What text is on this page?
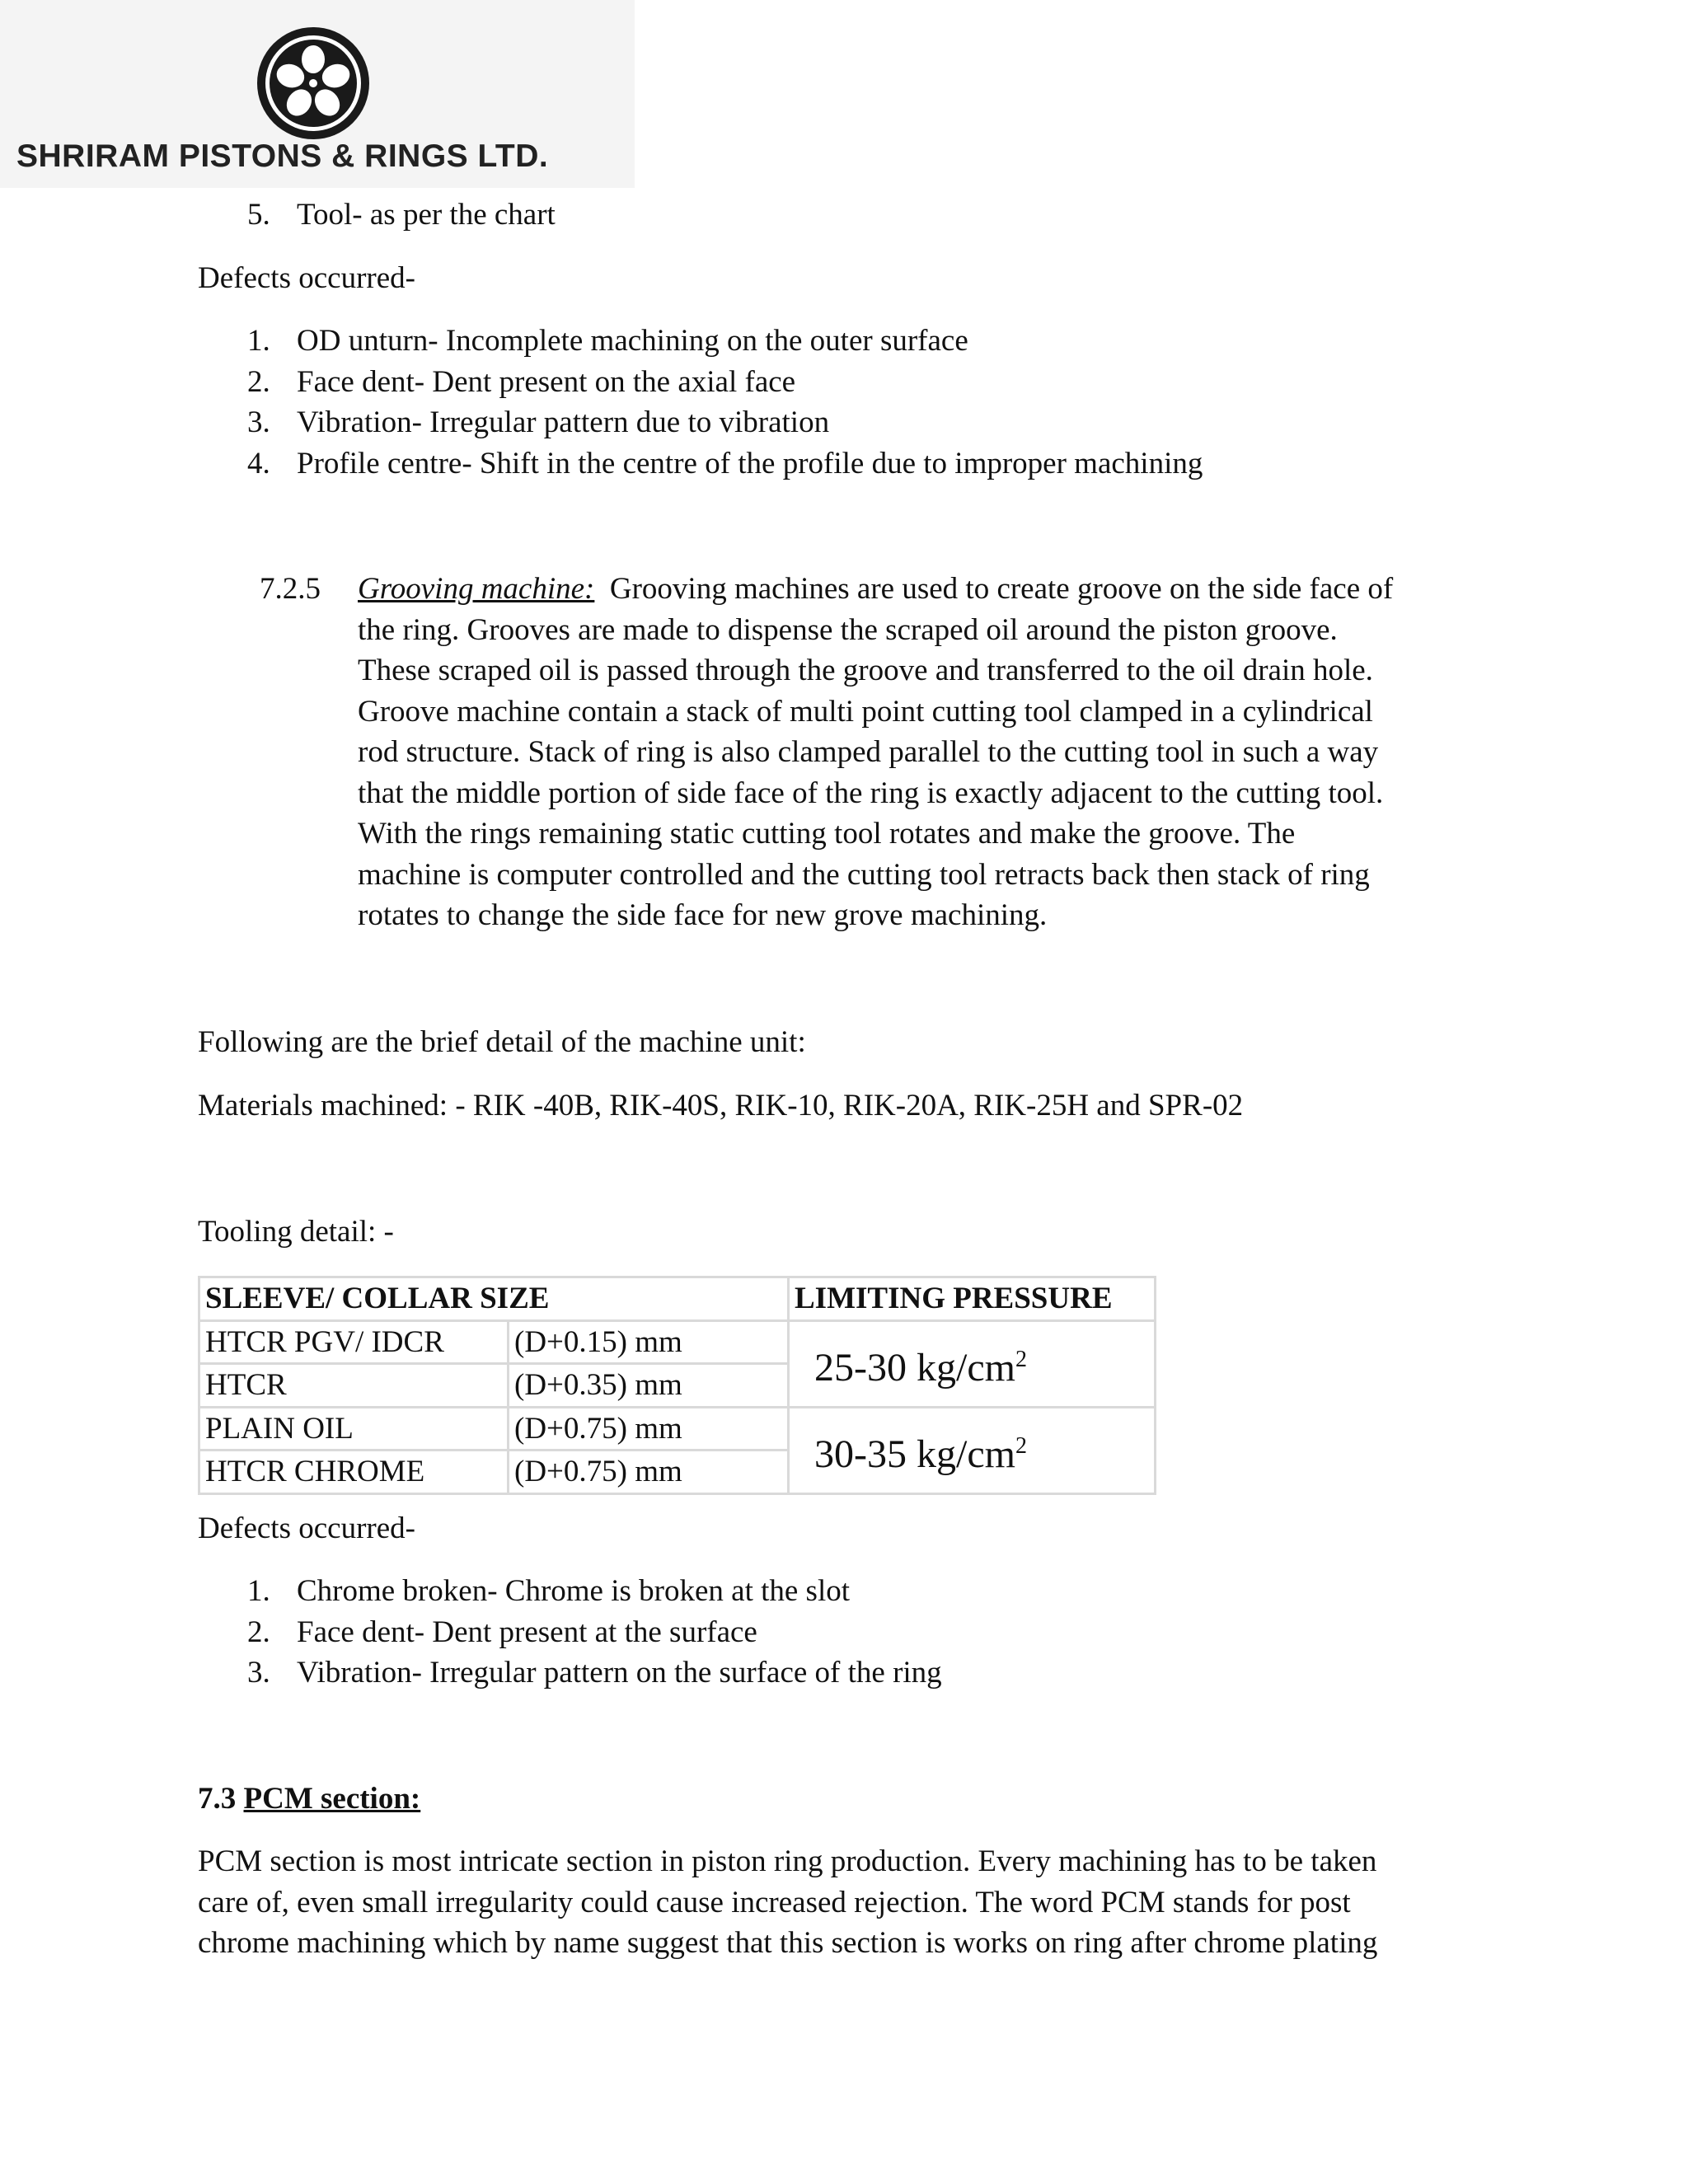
SHRIRAM PISTONS & RINGS LTD.
5. Tool- as per the chart
Defects occurred-
1. OD unturn- Incomplete machining on the outer surface
2. Face dent- Dent present on the axial face
3. Vibration- Irregular pattern due to vibration
4. Profile centre- Shift in the centre of the profile due to improper machining
7.2.5 Grooving machine: Grooving machines are used to create groove on the side face of
the ring. Grooves are made to dispense the scraped oil around the piston groove.
These scraped oil is passed through the groove and transferred to the oil drain hole.
Groove machine contain a stack of multi point cutting tool clamped in a cylindrical
rod structure. Stack of ring is also clamped parallel to the cutting tool in such a way
that the middle portion of side face of the ring is exactly adjacent to the cutting tool.
With the rings remaining static cutting tool rotates and make the groove. The
machine is computer controlled and the cutting tool retracts back then stack of ring
rotates to change the side face for new grove machining.
Following are the brief detail of the machine unit:
Materials machined: - RIK -40B, RIK-40S, RIK-10, RIK-20A, RIK-25H and SPR-02
Tooling detail: -
SLEEVE/ COLLAR SIZE		LIMITING PRESSURE
HTCR PGV/ IDCR	(D+0.15) mm	25-30 $kg/cm^2$
HTCR	(D+0.35) mm	
PLAIN OIL	(D+0.75) mm	30-35 $kg/cm^2$
HTCR CHROME	(D+0.75) mm	
Defects occurred-
1. Chrome broken- Chrome is broken at the slot
2. Face dent- Dent present at the surface
3. Vibration- Irregular pattern on the surface of the ring
7.3 PCM section:
PCM section is most intricate section in piston ring production. Every machining has to be taken
care of, even small irregularity could cause increased rejection. The word PCM stands for post
chrome machining which by name suggest that this section is works on ring after chrome plating
